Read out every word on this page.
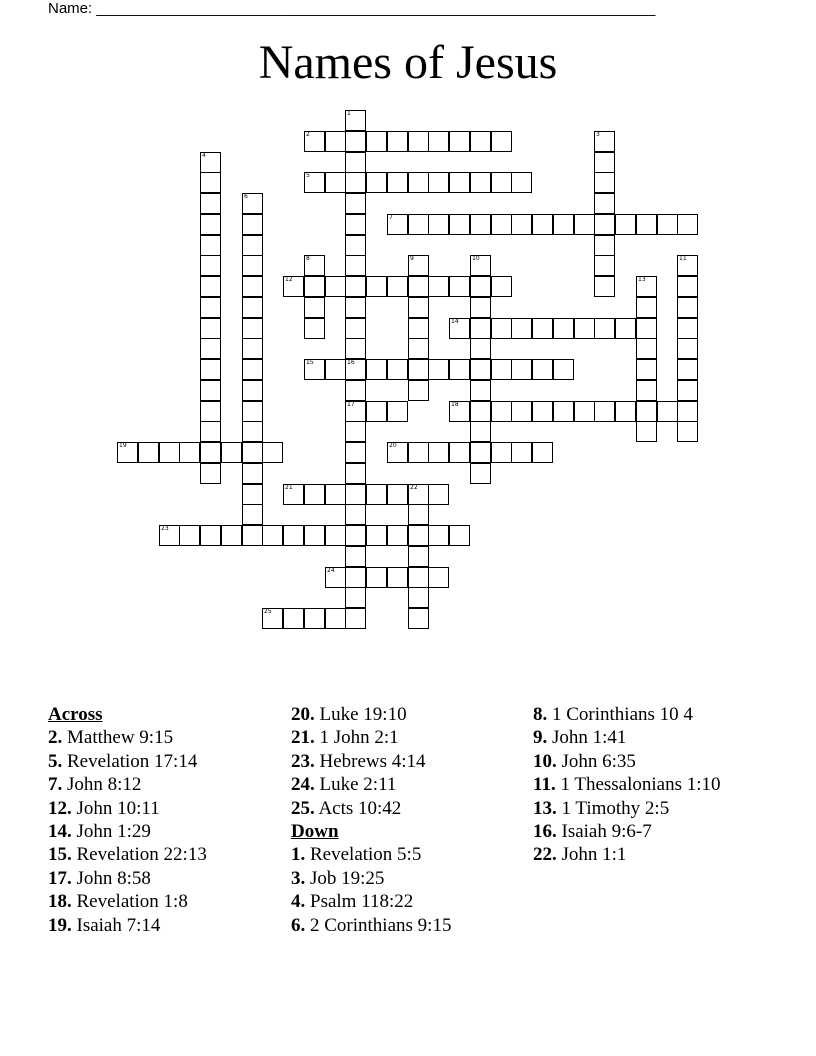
Name: ___________________________________________________________________
Names of Jesus
1
16
17
2	3
4
5
6
7
8	9	10	11
12	13
14
15
18
19	20
21	22
23
24
25
Across
2. Matthew 9:15
5. Revelation 17:14
7. John 8:12
12. John 10:11
14. John 1:29
15. Revelation 22:13
17. John 8:58
18. Revelation 1:8
19. Isaiah 7:14
20. Luke 19:10
21. 1 John 2:1
23. Hebrews 4:14
24. Luke 2:11
25. Acts 10:42
Down
1. Revelation 5:5
3. Job 19:25
4. Psalm 118:22
6. 2 Corinthians 9:15
8. 1 Corinthians 10 4
9. John 1:41
10. John 6:35
11. 1 Thessalonians 1:10
13. 1 Timothy 2:5
16. Isaiah 9:6-7
22. John 1:1
